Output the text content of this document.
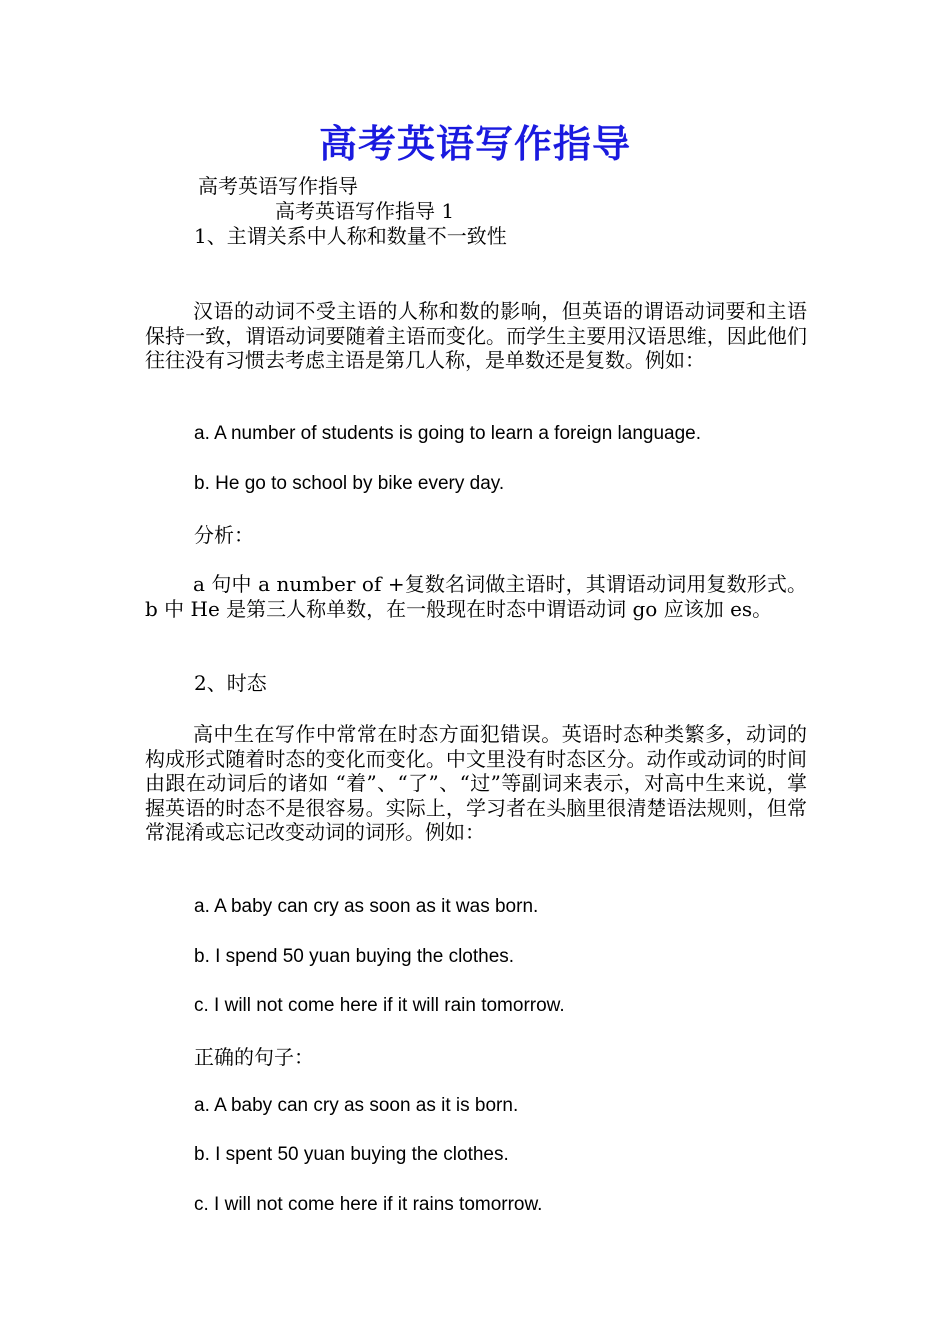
高考英语写作指导
高考英语写作指导
高考英语写作指导 1
1、主谓关系中人称和数量不一致性
汉语的动词不受主语的人称和数的影响，但英语的谓语动词要和主语保持一致，谓语动词要随着主语而变化。而学生主要用汉语思维，因此他们往往没有习惯去考虑主语是第几人称，是单数还是复数。例如：
a. A number of students is going to learn a foreign language.
b. He go to school by bike every day.
分析：
a 句中 a number of +复数名词做主语时，其谓语动词用复数形式。b 中 He 是第三人称单数，在一般现在时态中谓语动词 go 应该加 es。
2、时态
高中生在写作中常常在时态方面犯错误。英语时态种类繁多，动词的构成形式随着时态的变化而变化。中文里没有时态区分。动作或动词的时间由跟在动词后的诸如 “着”、“了”、“过”等副词来表示，对高中生来说，掌握英语的时态不是很容易。实际上，学习者在头脑里很清楚语法规则，但常常混淆或忘记改变动词的词形。例如：
a. A baby can cry as soon as it was born.
b. I spend 50 yuan buying the clothes.
c. I will not come here if it will rain tomorrow.
正确的句子：
a. A baby can cry as soon as it is born.
b. I spent 50 yuan buying the clothes.
c. I will not come here if it rains tomorrow.
